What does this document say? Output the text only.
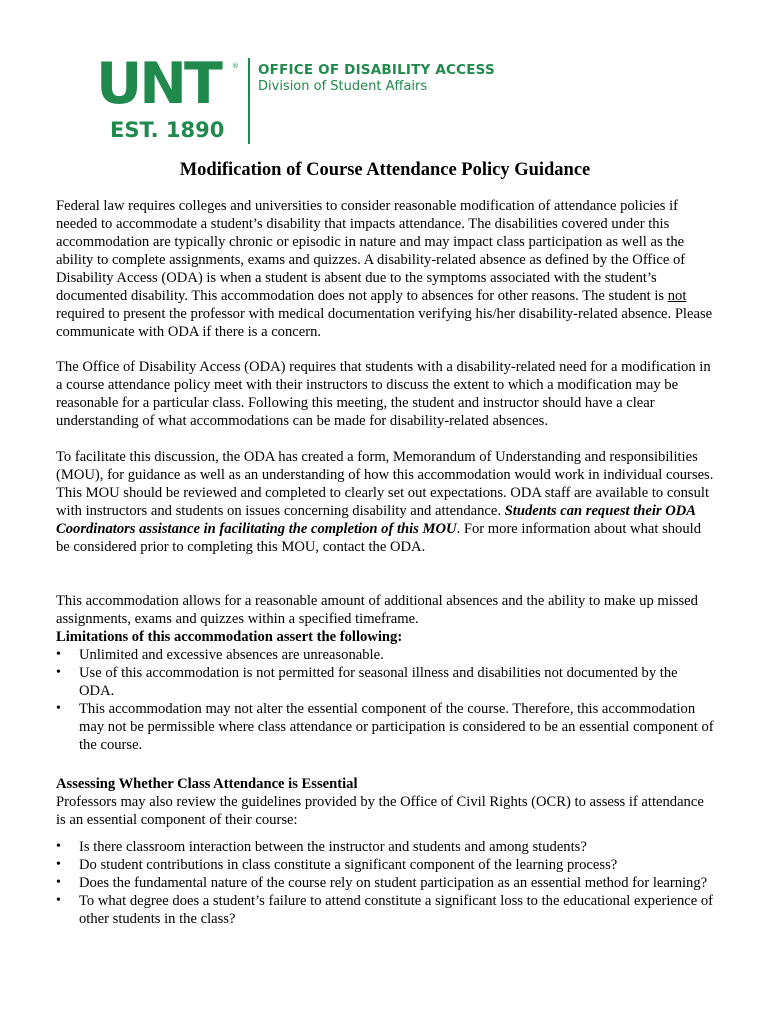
UNT ®
EST. 1890
OFFICE OF DISABILITY ACCESS
Division of Student Affairs
Modification of Course Attendance Policy Guidance

Federal law requires colleges and universities to consider reasonable modification of attendance policies if needed to accommodate a student’s disability that impacts attendance. The disabilities covered under this accommodation are typically chronic or episodic in nature and may impact class participation as well as the ability to complete assignments, exams and quizzes. A disability-related absence as defined by the Office of Disability Access (ODA) is when a student is absent due to the symptoms associated with the student’s documented disability. This accommodation does not apply to absences for other reasons. The student is not required to present the professor with medical documentation verifying his/her disability-related absence. Please communicate with ODA if there is a concern.

The Office of Disability Access (ODA) requires that students with a disability-related need for a modification in a course attendance policy meet with their instructors to discuss the extent to which a modification may be reasonable for a particular class. Following this meeting, the student and instructor should have a clear understanding of what accommodations can be made for disability-related absences.

To facilitate this discussion, the ODA has created a form, Memorandum of Understanding and responsibilities (MOU), for guidance as well as an understanding of how this accommodation would work in individual courses. This MOU should be reviewed and completed to clearly set out expectations. ODA staff are available to consult with instructors and students on issues concerning disability and attendance. Students can request their ODA Coordinators assistance in facilitating the completion of this MOU. For more information about what should be considered prior to completing this MOU, contact the ODA.

This accommodation allows for a reasonable amount of additional absences and the ability to make up missed assignments, exams and quizzes within a specified timeframe.
Limitations of this accommodation assert the following:

• Unlimited and excessive absences are unreasonable.
• Use of this accommodation is not permitted for seasonal illness and disabilities not documented by the ODA.
• This accommodation may not alter the essential component of the course. Therefore, this accommodation may not be permissible where class attendance or participation is considered to be an essential component of the course.

Assessing Whether Class Attendance is Essential
Professors may also review the guidelines provided by the Office of Civil Rights (OCR) to assess if attendance is an essential component of their course:

• Is there classroom interaction between the instructor and students and among students?
• Do student contributions in class constitute a significant component of the learning process?
• Does the fundamental nature of the course rely on student participation as an essential method for learning?
• To what degree does a student’s failure to attend constitute a significant loss to the educational experience of other students in the class?
